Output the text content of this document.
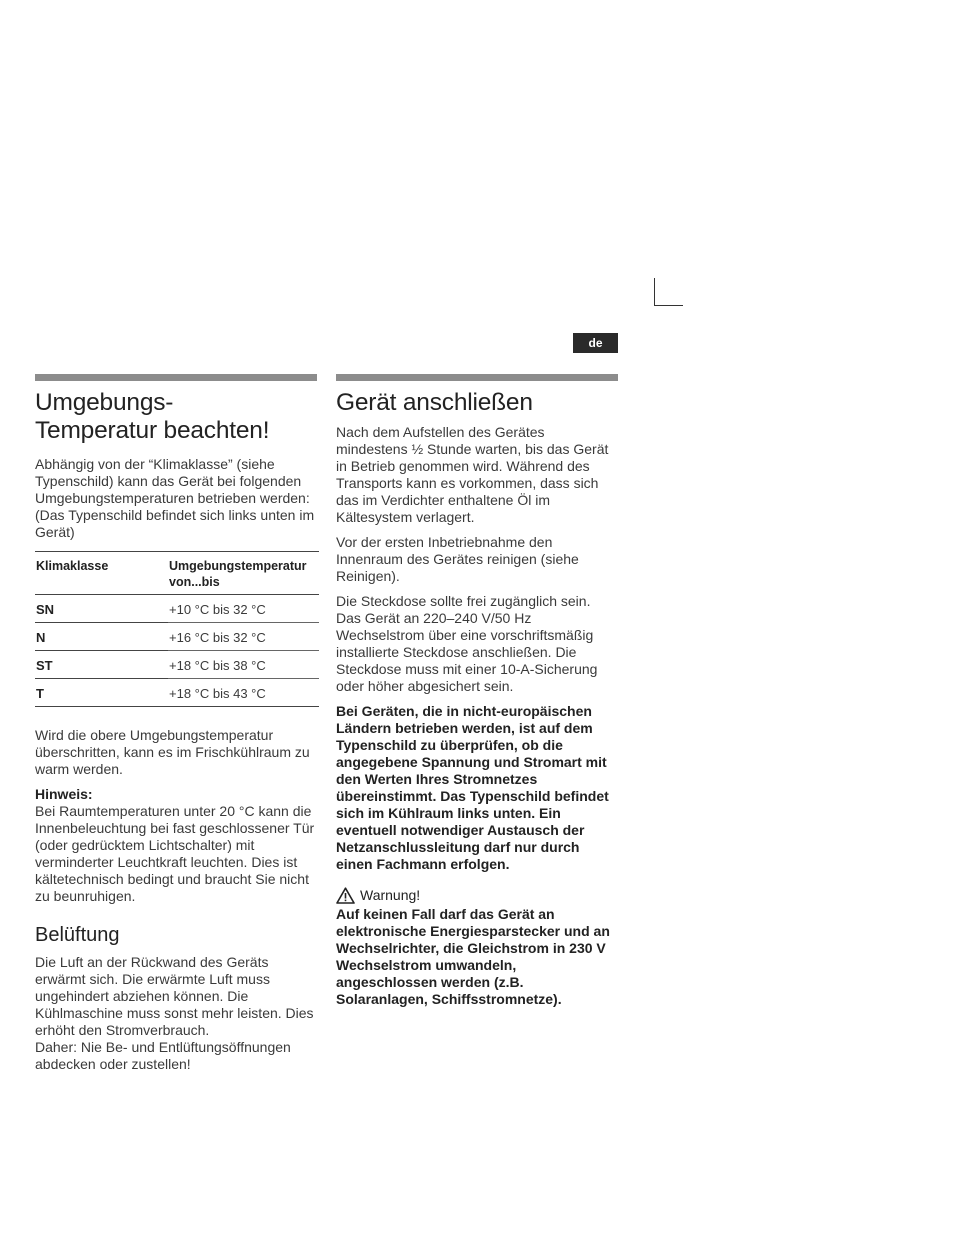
de
Umgebungs-
Temperatur beachten!

Abhängig von der “Klimaklasse” (siehe Typenschild) kann das Gerät bei folgenden Umgebungstemperaturen betrieben werden:

(Das Typenschild befindet sich links unten im Gerät)

Klimaklasse	Umgebungstemperatur
von...bis
SN	+10 °C bis 32 °C
N	+16 °C bis 32 °C
ST	+18 °C bis 38 °C
T	+18 °C bis 43 °C

Wird die obere Umgebungstemperatur überschritten, kann es im Frischkühlraum zu warm werden.

Hinweis:

Bei Raumtemperaturen unter 20 °C kann die Innenbeleuchtung bei fast geschlossener Tür (oder gedrücktem Lichtschalter) mit verminderter Leuchtkraft leuchten. Dies ist kältetechnisch bedingt und braucht Sie nicht zu beunruhigen.

Belüftung

Die Luft an der Rückwand des Geräts erwärmt sich. Die erwärmte Luft muss ungehindert abziehen können. Die Kühlmaschine muss sonst mehr leisten. Dies erhöht den Stromverbrauch.

Daher: Nie Be- und Entlüftungsöffnungen abdecken oder zustellen!

Gerät anschließen

Nach dem Aufstellen des Gerätes mindestens ½ Stunde warten, bis das Gerät in Betrieb genommen wird. Während des Transports kann es vorkommen, dass sich das im Verdichter enthaltene Öl im Kältesystem verlagert.

Vor der ersten Inbetriebnahme den Innenraum des Gerätes reinigen (siehe Reinigen).

Die Steckdose sollte frei zugänglich sein. Das Gerät an 220–240 V/50 Hz Wechselstrom über eine vorschriftsmäßig installierte Steckdose anschließen. Die Steckdose muss mit einer 10-A-Sicherung oder höher abgesichert sein.

Bei Geräten, die in nicht-europäischen Ländern betrieben werden, ist auf dem Typenschild zu überprüfen, ob die angegebene Spannung und Stromart mit den Werten Ihres Stromnetzes übereinstimmt. Das Typenschild befindet sich im Kühlraum links unten. Ein eventuell notwendiger Austausch der Netzanschlussleitung darf nur durch einen Fachmann erfolgen.

Warnung!

Auf keinen Fall darf das Gerät an elektronische Energiesparstecker und an Wechselrichter, die Gleichstrom in 230 V Wechselstrom umwandeln, angeschlossen werden (z.B. Solaranlagen, Schiffsstromnetze).
